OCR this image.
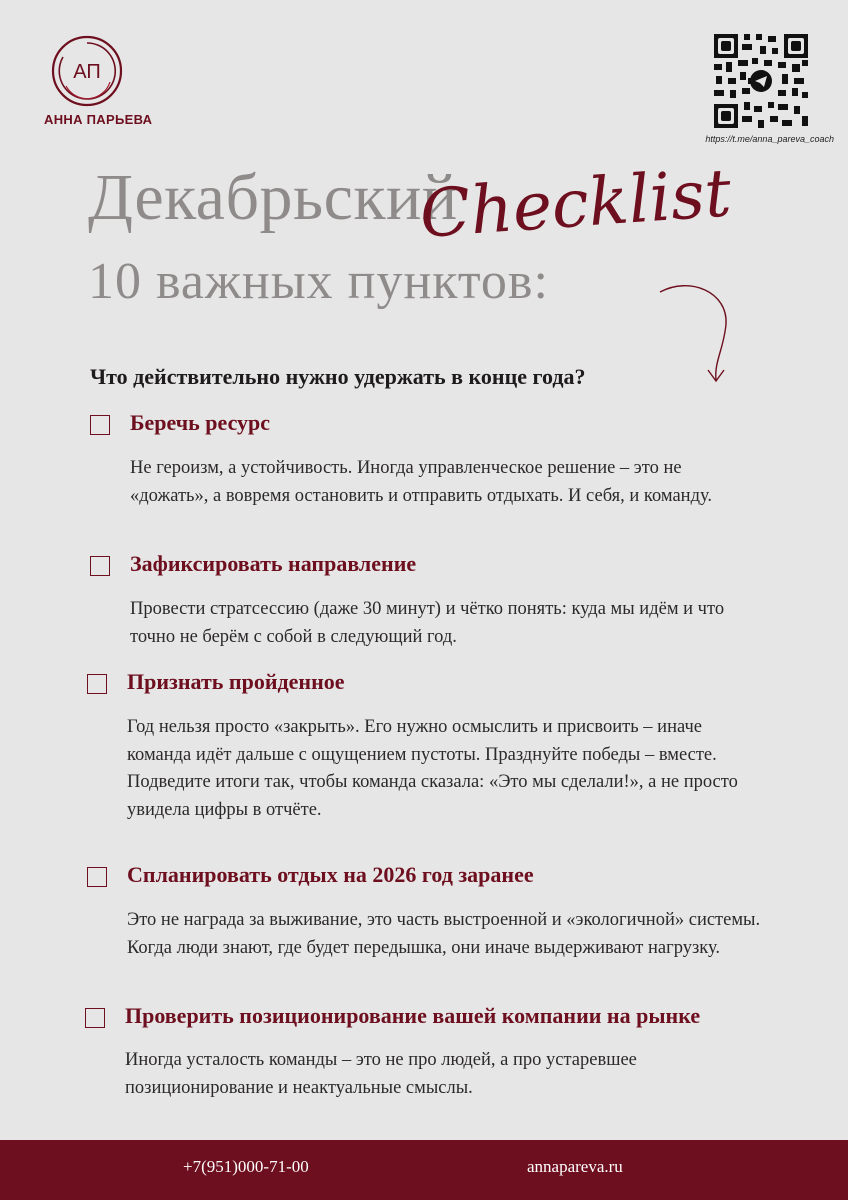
АП
АННА ПАРЬЕВА
https://t.me/anna_pareva_coach
Декабрьский
Checklist
10 важных пунктов:
Что действительно нужно удержать в конце года?
Беречь ресурс
Не героизм, а устойчивость. Иногда управленческое решение – это не «дожать», а вовремя остановить и отправить отдыхать. И себя, и команду.
Зафиксировать направление
Провести стратсессию (даже 30 минут) и чётко понять: куда мы идём и что точно не берём с собой в следующий год.
Признать пройденное
Год нельзя просто «закрыть». Его нужно осмыслить и присвоить – иначе команда идёт дальше с ощущением пустоты. Празднуйте победы – вместе. Подведите итоги так, чтобы команда сказала: «Это мы сделали!», а не просто увидела цифры в отчёте.
Спланировать отдых на 2026 год заранее
Это не награда за выживание, это часть выстроенной и «экологичной» системы. Когда люди знают, где будет передышка, они иначе выдерживают нагрузку.
Проверить позиционирование вашей компании на рынке
Иногда усталость команды – это не про людей, а про устаревшее позиционирование и неактуальные смыслы.
+7(951)000-71-00	annapareva.ru
